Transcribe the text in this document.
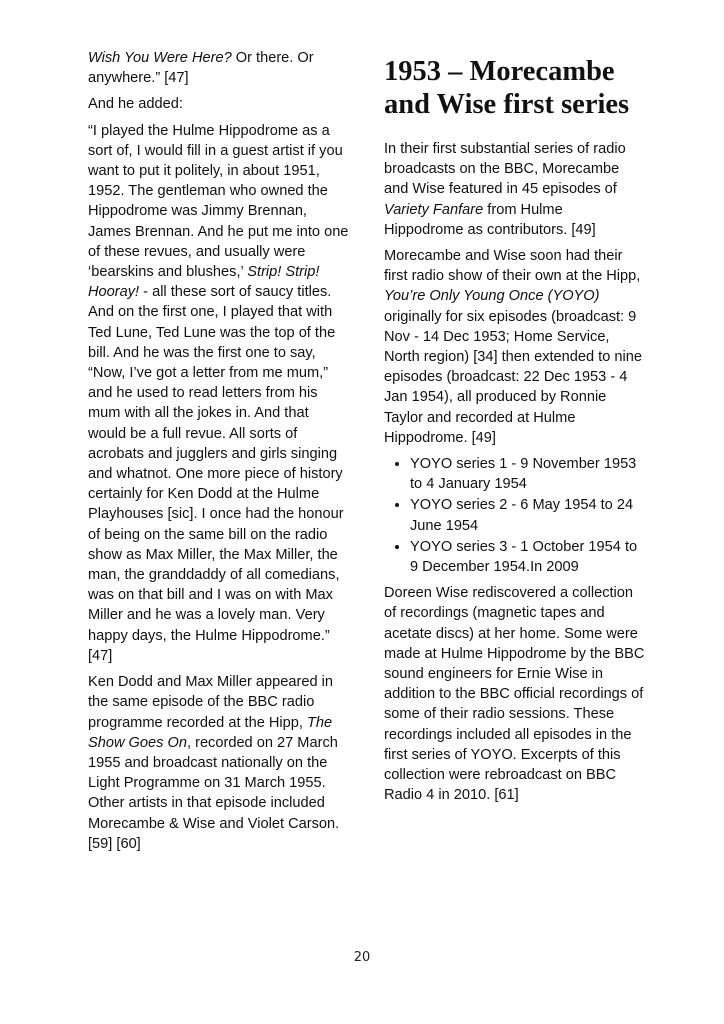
Wish You Were Here? Or there. Or anywhere.” [47]

And he added:

“I played the Hulme Hippodrome as a sort of, I would fill in a guest artist if you want to put it politely, in about 1951, 1952. The gentleman who owned the Hippodrome was Jimmy Brennan, James Brennan. And he put me into one of these revues, and usually were ‘bearskins and blushes,’ Strip! Strip! Hooray! - all these sort of saucy titles. And on the first one, I played that with Ted Lune, Ted Lune was the top of the bill. And he was the first one to say, “Now, I’ve got a letter from me mum,” and he used to read letters from his mum with all the jokes in. And that would be a full revue. All sorts of acrobats and jugglers and girls singing and whatnot. One more piece of history certainly for Ken Dodd at the Hulme Playhouses [sic]. I once had the honour of being on the same bill on the radio show as Max Miller, the Max Miller, the man, the granddaddy of all comedians, was on that bill and I was on with Max Miller and he was a lovely man. Very happy days, the Hulme Hippodrome.” [47]

Ken Dodd and Max Miller appeared in the same episode of the BBC radio programme recorded at the Hipp, The Show Goes On, recorded on 27 March 1955 and broadcast nationally on the Light Programme on 31 March 1955. Other artists in that episode included Morecambe & Wise and Violet Carson. [59] [60]

1953 – Morecambe and Wise first series

In their first substantial series of radio broadcasts on the BBC, Morecambe and Wise featured in 45 episodes of Variety Fanfare from Hulme Hippodrome as contributors. [49]

Morecambe and Wise soon had their first radio show of their own at the Hipp, You’re Only Young Once (YOYO) originally for six episodes (broadcast: 9 Nov - 14 Dec 1953; Home Service, North region) [34] then extended to nine episodes (broadcast: 22 Dec 1953 - 4 Jan 1954), all produced by Ronnie Taylor and recorded at Hulme Hippodrome. [49]

• YOYO series 1 - 9 November 1953 to 4 January 1954
• YOYO series 2 - 6 May 1954 to 24 June 1954
• YOYO series 3 - 1 October 1954 to 9 December 1954.In 2009

Doreen Wise rediscovered a collection of recordings (magnetic tapes and acetate discs) at her home. Some were made at Hulme Hippodrome by the BBC sound engineers for Ernie Wise in addition to the BBC official recordings of some of their radio sessions. These recordings included all episodes in the first series of YOYO. Excerpts of this collection were rebroadcast on BBC Radio 4 in 2010. [61]

20
